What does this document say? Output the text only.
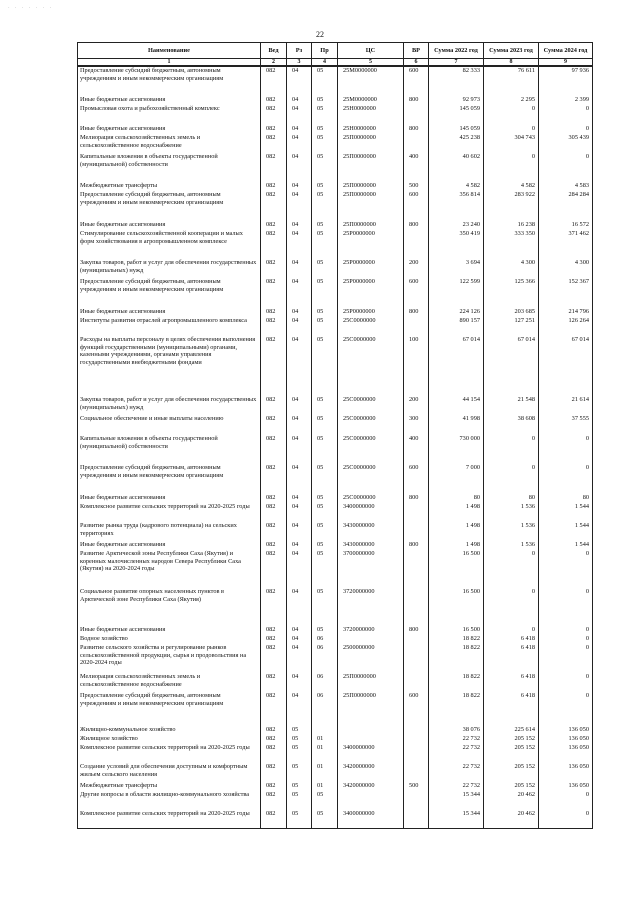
· · · · · · ·
22
Наименование	Вед	Рз	Пр	ЦС	ВР	Сумма 2022 год	Сумма 2023 год	Сумма 2024 год
1	2	3	4	5	6	7	8	9
Предоставление субсидий бюджетным, автономным учреждениям и иным некоммерческим организациям	082	04	05	25M0000000	600	82 333	76 611	97 936
Иные бюджетные ассигнования	082	04	05	25M0000000	800	92 973	2 295	2 399
Промысловая охота и рыбохозяйственный комплекс	082	04	05	25H0000000		145 059	0	0
Иные бюджетные ассигнования	082	04	05	25H0000000	800	145 059	0	0
Мелиорация сельскохозяйственных земель и сельскохозяйственное водоснабжение	082	04	05	25П0000000		425 238	304 743	305 439
Капитальные вложения в объекты государственной (муниципальной) собственности	082	04	05	25П0000000	400	40 602	0	0
Межбюджетные трансферты	082	04	05	25П0000000	500	4 582	4 582	4 583
Предоставление субсидий бюджетным, автономным учреждениям и иным некоммерческим организациям	082	04	05	25П0000000	600	356 814	283 922	284 284
Иные бюджетные ассигнования	082	04	05	25П0000000	800	23 240	16 238	16 572
Стимулирование сельскохозяйственной кооперации и малых форм хозяйствования в агропромышленном комплексе	082	04	05	25P0000000		350 419	333 350	371 462
Закупка товаров, работ и услуг для обеспечения государственных (муниципальных) нужд	082	04	05	25P0000000	200	3 694	4 300	4 300
Предоставление субсидий бюджетным, автономным учреждениям и иным некоммерческим организациям	082	04	05	25P0000000	600	122 599	125 366	152 367
Иные бюджетные ассигнования	082	04	05	25P0000000	800	224 126	203 685	214 796
Институты развития отраслей агропромышленного комплекса	082	04	05	25C0000000		890 157	127 251	126 264
Расходы на выплаты персоналу в целях обеспечения выполнения функций государственными (муниципальными) органами, казенными учреждениями, органами управления государственными внебюджетными фондами	082	04	05	25C0000000	100	67 014	67 014	67 014
Закупка товаров, работ и услуг для обеспечения государственных (муниципальных) нужд	082	04	05	25C0000000	200	44 154	21 548	21 614
Социальное обеспечение и иные выплаты населению	082	04	05	25C0000000	300	41 998	38 608	37 555
Капитальные вложения в объекты государственной (муниципальной) собственности	082	04	05	25C0000000	400	730 000	0	0
Предоставление субсидий бюджетным, автономным учреждениям и иным некоммерческим организациям	082	04	05	25C0000000	600	7 000	0	0
Иные бюджетные ассигнования	082	04	05	25C0000000	800	80	80	80
Комплексное развитие сельских территорий на 2020-2025 годы	082	04	05	3400000000		1 498	1 536	1 544
Развитие рынка труда (кадрового потенциала) на сельских территориях	082	04	05	3430000000		1 498	1 536	1 544
Иные бюджетные ассигнования	082	04	05	3430000000	800	1 498	1 536	1 544
Развитие Арктической зоны Республики Саха (Якутия) и коренных малочисленных народов Севера Республики Саха (Якутия) на 2020-2024 годы	082	04	05	3700000000		16 500	0	0
Социальное развитие опорных населенных пунктов в Арктической зоне Республики Саха (Якутия)	082	04	05	3720000000		16 500	0	0
Иные бюджетные ассигнования	082	04	05	3720000000	800	16 500	0	0
Водное хозяйство	082	04	06			18 822	6 418	0
Развитие сельского хозяйства и регулирование рынков сельскохозяйственной продукции, сырья и продовольствия на 2020-2024 годы	082	04	06	2500000000		18 822	6 418	0
Мелиорация сельскохозяйственных земель и сельскохозяйственное водоснабжение	082	04	06	25П0000000		18 822	6 418	0
Предоставление субсидий бюджетным, автономным учреждениям и иным некоммерческим организациям	082	04	06	25П0000000	600	18 822	6 418	0
Жилищно-коммунальное хозяйство	082	05				38 076	225 614	136 050
Жилищное хозяйство	082	05	01			22 732	205 152	136 050
Комплексное развитие сельских территорий на 2020-2025 годы	082	05	01	3400000000		22 732	205 152	136 050
Создание условий для обеспечения доступным и комфортным жильем сельского населения	082	05	01	3420000000		22 732	205 152	136 050
Межбюджетные трансферты	082	05	01	3420000000	500	22 732	205 152	136 050
Другие вопросы в области жилищно-коммунального хозяйства	082	05	05			15 344	20 462	0
Комплексное развитие сельских территорий на 2020-2025 годы	082	05	05	3400000000		15 344	20 462	0
